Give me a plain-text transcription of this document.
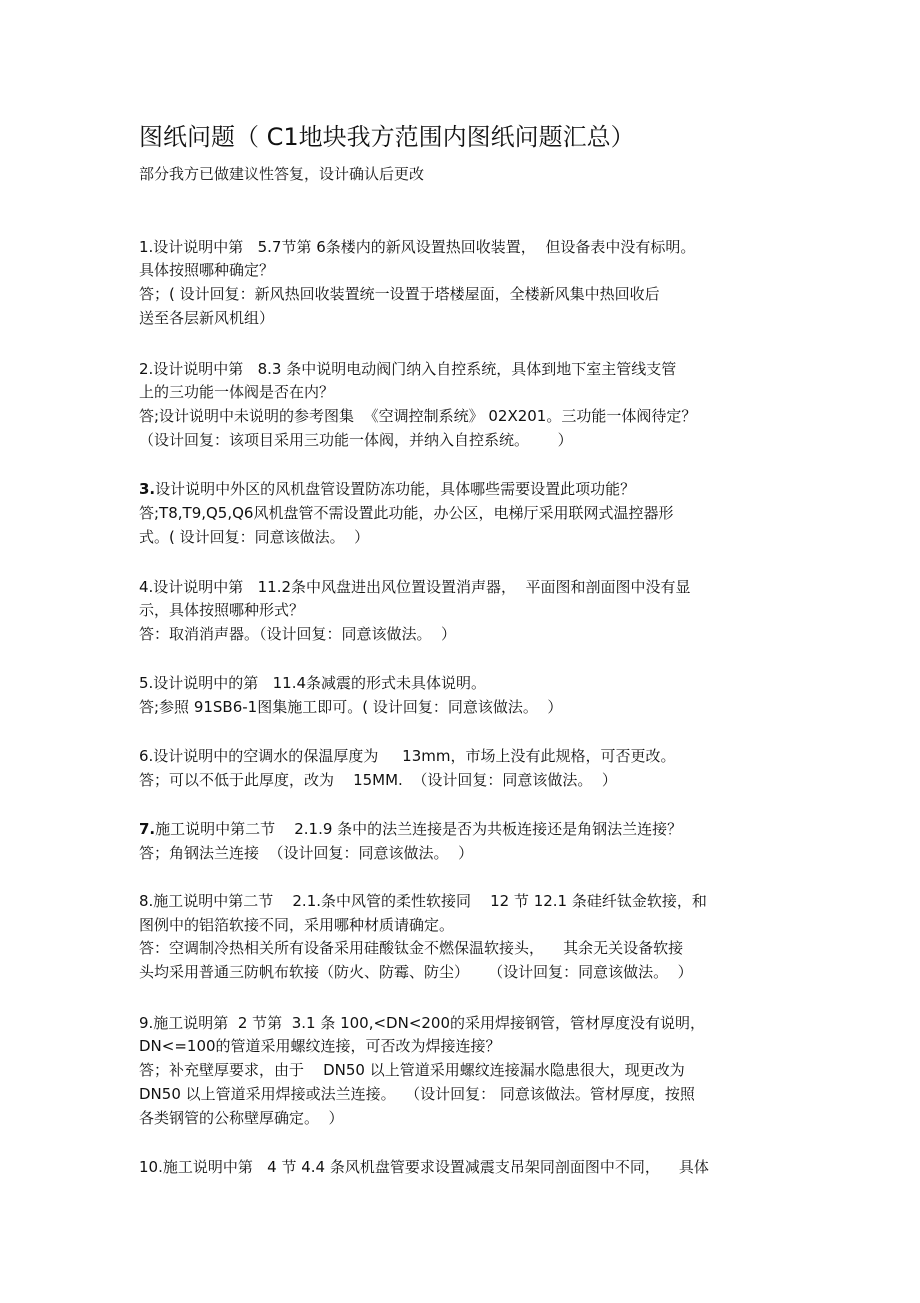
图纸问题（ C1地块我方范围内图纸问题汇总）
部分我方已做建议性答复，设计确认后更改
1.设计说明中第   5.7节第 6条楼内的新风设置热回收装置，  但设备表中没有标明。
具体按照哪种确定？
答；( 设计回复：新风热回收装置统一设置于塔楼屋面，全楼新风集中热回收后
送至各层新风机组）
2.设计说明中第   8.3 条中说明电动阀门纳入自控系统，具体到地下室主管线支管
上的三功能一体阀是否在内？
答;设计说明中未说明的参考图集  《空调控制系统》 02X201。三功能一体阀待定？
（设计回复：该项目采用三功能一体阀，并纳入自控系统。      ）
3.设计说明中外区的风机盘管设置防冻功能，具体哪些需要设置此项功能？
答;T8,T9,Q5,Q6风机盘管不需设置此功能，办公区，电梯厅采用联网式温控器形
式。( 设计回复：同意该做法。  ）
4.设计说明中第   11.2条中风盘进出风位置设置消声器，  平面图和剖面图中没有显
示，具体按照哪种形式？
答：取消消声器。（设计回复：同意该做法。  ）
5.设计说明中的第   11.4条减震的形式未具体说明。
答;参照 91SB6-1图集施工即可。( 设计回复：同意该做法。  ）
6.设计说明中的空调水的保温厚度为     13mm，市场上没有此规格，可否更改。
答；可以不低于此厚度，改为    15MM.  （设计回复：同意该做法。  ）
7.施工说明中第二节    2.1.9 条中的法兰连接是否为共板连接还是角钢法兰连接？
答；角钢法兰连接  （设计回复：同意该做法。  ）
8.施工说明中第二节    2.1.条中风管的柔性软接同    12 节 12.1 条硅纤钛金软接，和
图例中的铝箔软接不同，采用哪种材质请确定。
答：空调制冷热相关所有设备采用硅酸钛金不燃保温软接头，    其余无关设备软接
头均采用普通三防帆布软接（防火、防霉、防尘）    （设计回复：同意该做法。  ）
9.施工说明第  2 节第  3.1 条 100,<DN<200的采用焊接钢管，管材厚度没有说明，
DN<=100的管道采用螺纹连接，可否改为焊接连接？
答；补充壁厚要求，由于    DN50 以上管道采用螺纹连接漏水隐患很大，现更改为
DN50 以上管道采用焊接或法兰连接。  （设计回复： 同意该做法。管材厚度，按照
各类钢管的公称壁厚确定。  ）
10.施工说明中第   4 节 4.4 条风机盘管要求设置减震支吊架同剖面图中不同，    具体
